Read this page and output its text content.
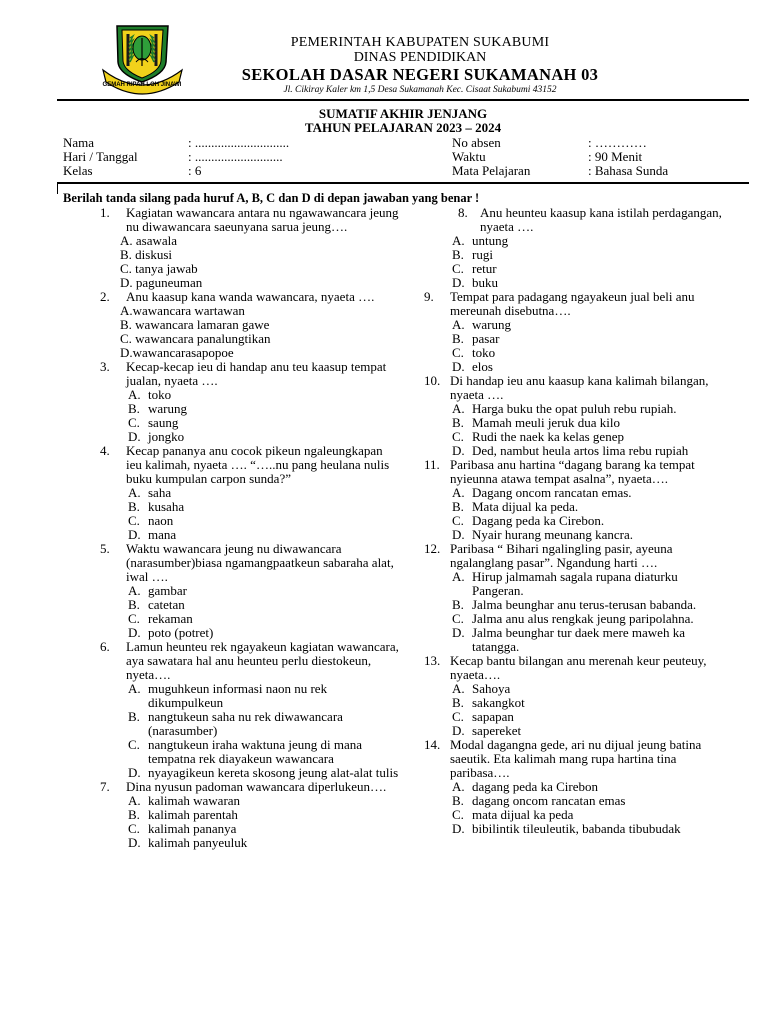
GEMAH RIPAH LOH JINAWI
PEMERINTAH KABUPATEN SUKABUMI
DINAS PENDIDIKAN
SEKOLAH DASAR NEGERI SUKAMANAH 03
Jl. Cikiray Kaler km 1,5 Desa Sukamanah Kec. Cisaat Sukabumi 43152
SUMATIF AKHIR JENJANG
TAHUN PELAJARAN 2023 – 2024
Nama	: .............................
Hari / Tanggal	: ...........................
Kelas	: 6
No absen	: …………
Waktu	: 90 Menit
Mata Pelajaran	: Bahasa Sunda
Berilah tanda silang pada huruf A, B, C dan D di depan jawaban yang benar !
1. Kagiatan wawancara antara nu ngawawancara jeung nu diwawancara saeunyana sarua jeung….
A. asawala
B. diskusi
C. tanya jawab
D. paguneuman
2. Anu kaasup kana wanda wawancara, nyaeta ….
A.wawancara wartawan
B. wawancara lamaran gawe
C. wawancara panalungtikan
D.wawancarasapopoe
3. Kecap-kecap ieu di handap anu teu kaasup tempat jualan, nyaeta ….
A. toko
B. warung
C. saung
D. jongko
4. Kecap pananya anu cocok pikeun ngaleungkapan ieu kalimah, nyaeta …. “…..nu pang heulana nulis buku kumpulan carpon sunda?”
A. saha
B. kusaha
C. naon
D. mana
5. Waktu wawancara jeung nu diwawancara (narasumber)biasa ngamangpaatkeun sabaraha alat, iwal ….
A. gambar
B. catetan
C. rekaman
D. poto (potret)
6. Lamun heunteu rek ngayakeun kagiatan wawancara, aya sawatara hal anu heunteu perlu diestokeun, nyeta….
A. muguhkeun informasi naon nu rek dikumpulkeun
B. nangtukeun saha nu rek diwawancara (narasumber)
C. nangtukeun iraha waktuna jeung di mana tempatna rek diayakeun wawancara
D. nyayagikeun kereta skosong jeung alat-alat tulis
7. Dina nyusun padoman wawancara diperlukeun….
A. kalimah wawaran
B. kalimah parentah
C. kalimah pananya
D. kalimah panyeuluk
8. Anu heunteu kaasup kana istilah perdagangan, nyaeta ….
A. untung
B. rugi
C. retur
D. buku
9. Tempat para padagang ngayakeun jual beli anu mereunah disebutna….
A. warung
B. pasar
C. toko
D. elos
10. Di handap ieu anu kaasup kana kalimah bilangan, nyaeta ….
A. Harga buku the opat puluh rebu rupiah.
B. Mamah meuli jeruk dua kilo
C. Rudi the naek ka kelas genep
D. Ded, nambut heula artos lima rebu rupiah
11. Paribasa anu hartina “dagang barang ka tempat nyieunna atawa tempat asalna”, nyaeta….
A. Dagang oncom rancatan emas.
B. Mata dijual ka peda.
C. Dagang peda ka Cirebon.
D. Nyair hurang meunang kancra.
12. Paribasa “ Bihari ngalingling pasir, ayeuna ngalanglang pasar”. Ngandung harti ….
A. Hirup jalmamah sagala rupana diaturku Pangeran.
B. Jalma beunghar anu terus-terusan babanda.
C. Jalma anu alus rengkak jeung paripolahna.
D. Jalma beunghar tur daek mere maweh ka tatangga.
13. Kecap bantu bilangan anu merenah keur peuteuy, nyaeta….
A. Sahoya
B. sakangkot
C. sapapan
D. sapereket
14. Modal dagangna gede, ari nu dijual jeung batina saeutik. Eta kalimah mang rupa hartina tina paribasa….
A. dagang peda ka Cirebon
B. dagang oncom rancatan emas
C. mata dijual ka peda
D. bibilintik tileuleutik, babanda tibubudak
